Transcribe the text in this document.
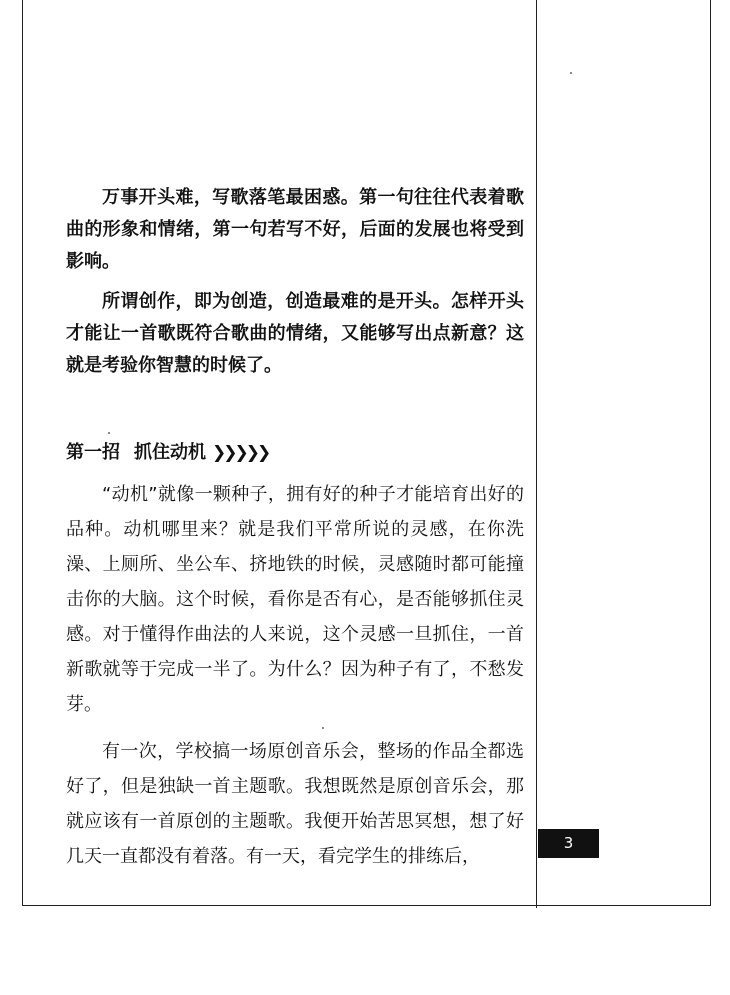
万事开头难，写歌落笔最困惑。第一句往往代表着歌曲的形象和情绪，第一句若写不好，后面的发展也将受到影响。

所谓创作，即为创造，创造最难的是开头。怎样开头才能让一首歌既符合歌曲的情绪，又能够写出点新意？这就是考验你智慧的时候了。

第一招 抓住动机 ❯❯❯❯❯

“动机”就像一颗种子，拥有好的种子才能培育出好的品种。动机哪里来？就是我们平常所说的灵感，在你洗澡、上厕所、坐公车、挤地铁的时候，灵感随时都可能撞击你的大脑。这个时候，看你是否有心，是否能够抓住灵感。对于懂得作曲法的人来说，这个灵感一旦抓住，一首新歌就等于完成一半了。为什么？因为种子有了，不愁发芽。

有一次，学校搞一场原创音乐会，整场的作品全都选好了，但是独缺一首主题歌。我想既然是原创音乐会，那就应该有一首原创的主题歌。我便开始苦思冥想，想了好几天一直都没有着落。有一天，看完学生的排练后，

3
